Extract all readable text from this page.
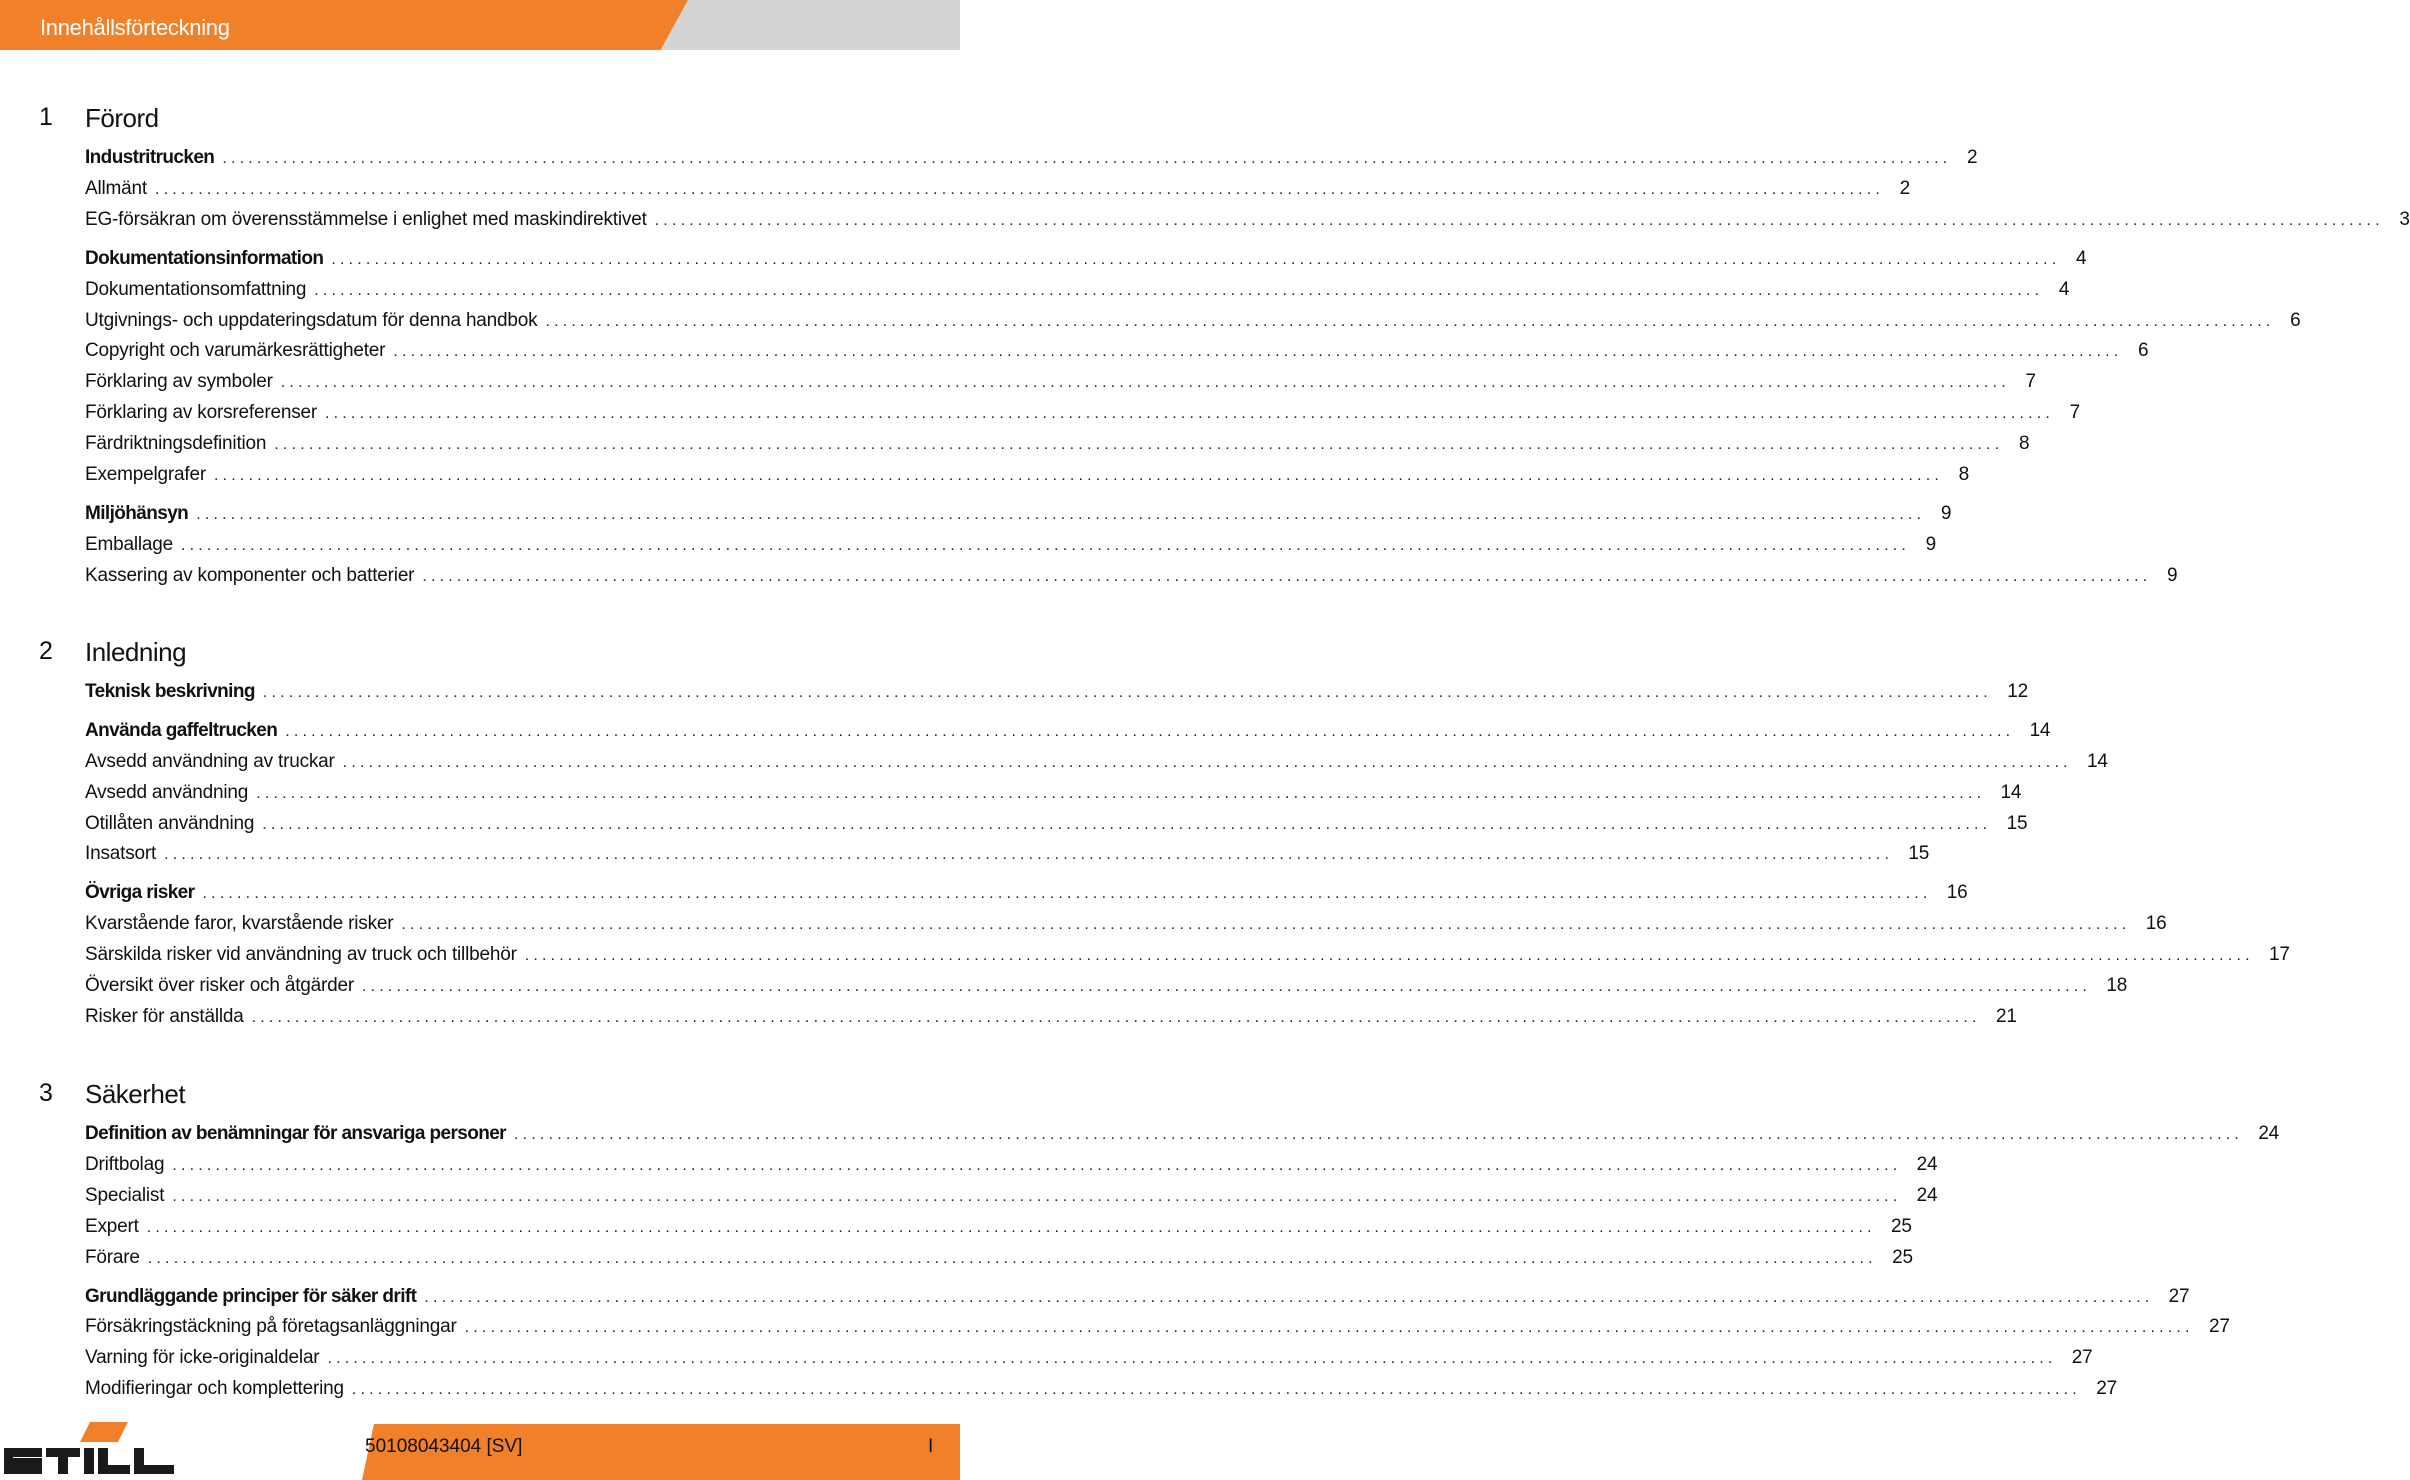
Innehållsförteckning
1 Förord
Industritrucken ........................................................................................................................................................................................................ 2
Allmänt ........................................................................................................................................................................................................ 2
EG-försäkran om överensstämmelse i enlighet med maskindirektivet ........................................................................................................................................................................................................ 3
Dokumentationsinformation ........................................................................................................................................................................................................ 4
Dokumentationsomfattning ........................................................................................................................................................................................................ 4
Utgivnings- och uppdateringsdatum för denna handbok ........................................................................................................................................................................................................ 6
Copyright och varumärkesrättigheter ........................................................................................................................................................................................................ 6
Förklaring av symboler ........................................................................................................................................................................................................ 7
Förklaring av korsreferenser ........................................................................................................................................................................................................ 7
Färdriktningsdefinition ........................................................................................................................................................................................................ 8
Exempelgrafer ........................................................................................................................................................................................................ 8
Miljöhänsyn ........................................................................................................................................................................................................ 9
Emballage ........................................................................................................................................................................................................ 9
Kassering av komponenter och batterier ........................................................................................................................................................................................................ 9
2 Inledning
Teknisk beskrivning ........................................................................................................................................................................................................ 12
Använda gaffeltrucken ........................................................................................................................................................................................................ 14
Avsedd användning av truckar ........................................................................................................................................................................................................ 14
Avsedd användning ........................................................................................................................................................................................................ 14
Otillåten användning ........................................................................................................................................................................................................ 15
Insatsort ........................................................................................................................................................................................................ 15
Övriga risker ........................................................................................................................................................................................................ 16
Kvarstående faror, kvarstående risker ........................................................................................................................................................................................................ 16
Särskilda risker vid användning av truck och tillbehör ........................................................................................................................................................................................................ 17
Översikt över risker och åtgärder ........................................................................................................................................................................................................ 18
Risker för anställda ........................................................................................................................................................................................................ 21
3 Säkerhet
Definition av benämningar för ansvariga personer ........................................................................................................................................................................................................ 24
Driftbolag ........................................................................................................................................................................................................ 24
Specialist ........................................................................................................................................................................................................ 24
Expert ........................................................................................................................................................................................................ 25
Förare ........................................................................................................................................................................................................ 25
Grundläggande principer för säker drift ........................................................................................................................................................................................................ 27
Försäkringstäckning på företagsanläggningar ........................................................................................................................................................................................................ 27
Varning för icke-originaldelar ........................................................................................................................................................................................................ 27
Modifieringar och komplettering ........................................................................................................................................................................................................ 27
50108043404 [SV]	I
